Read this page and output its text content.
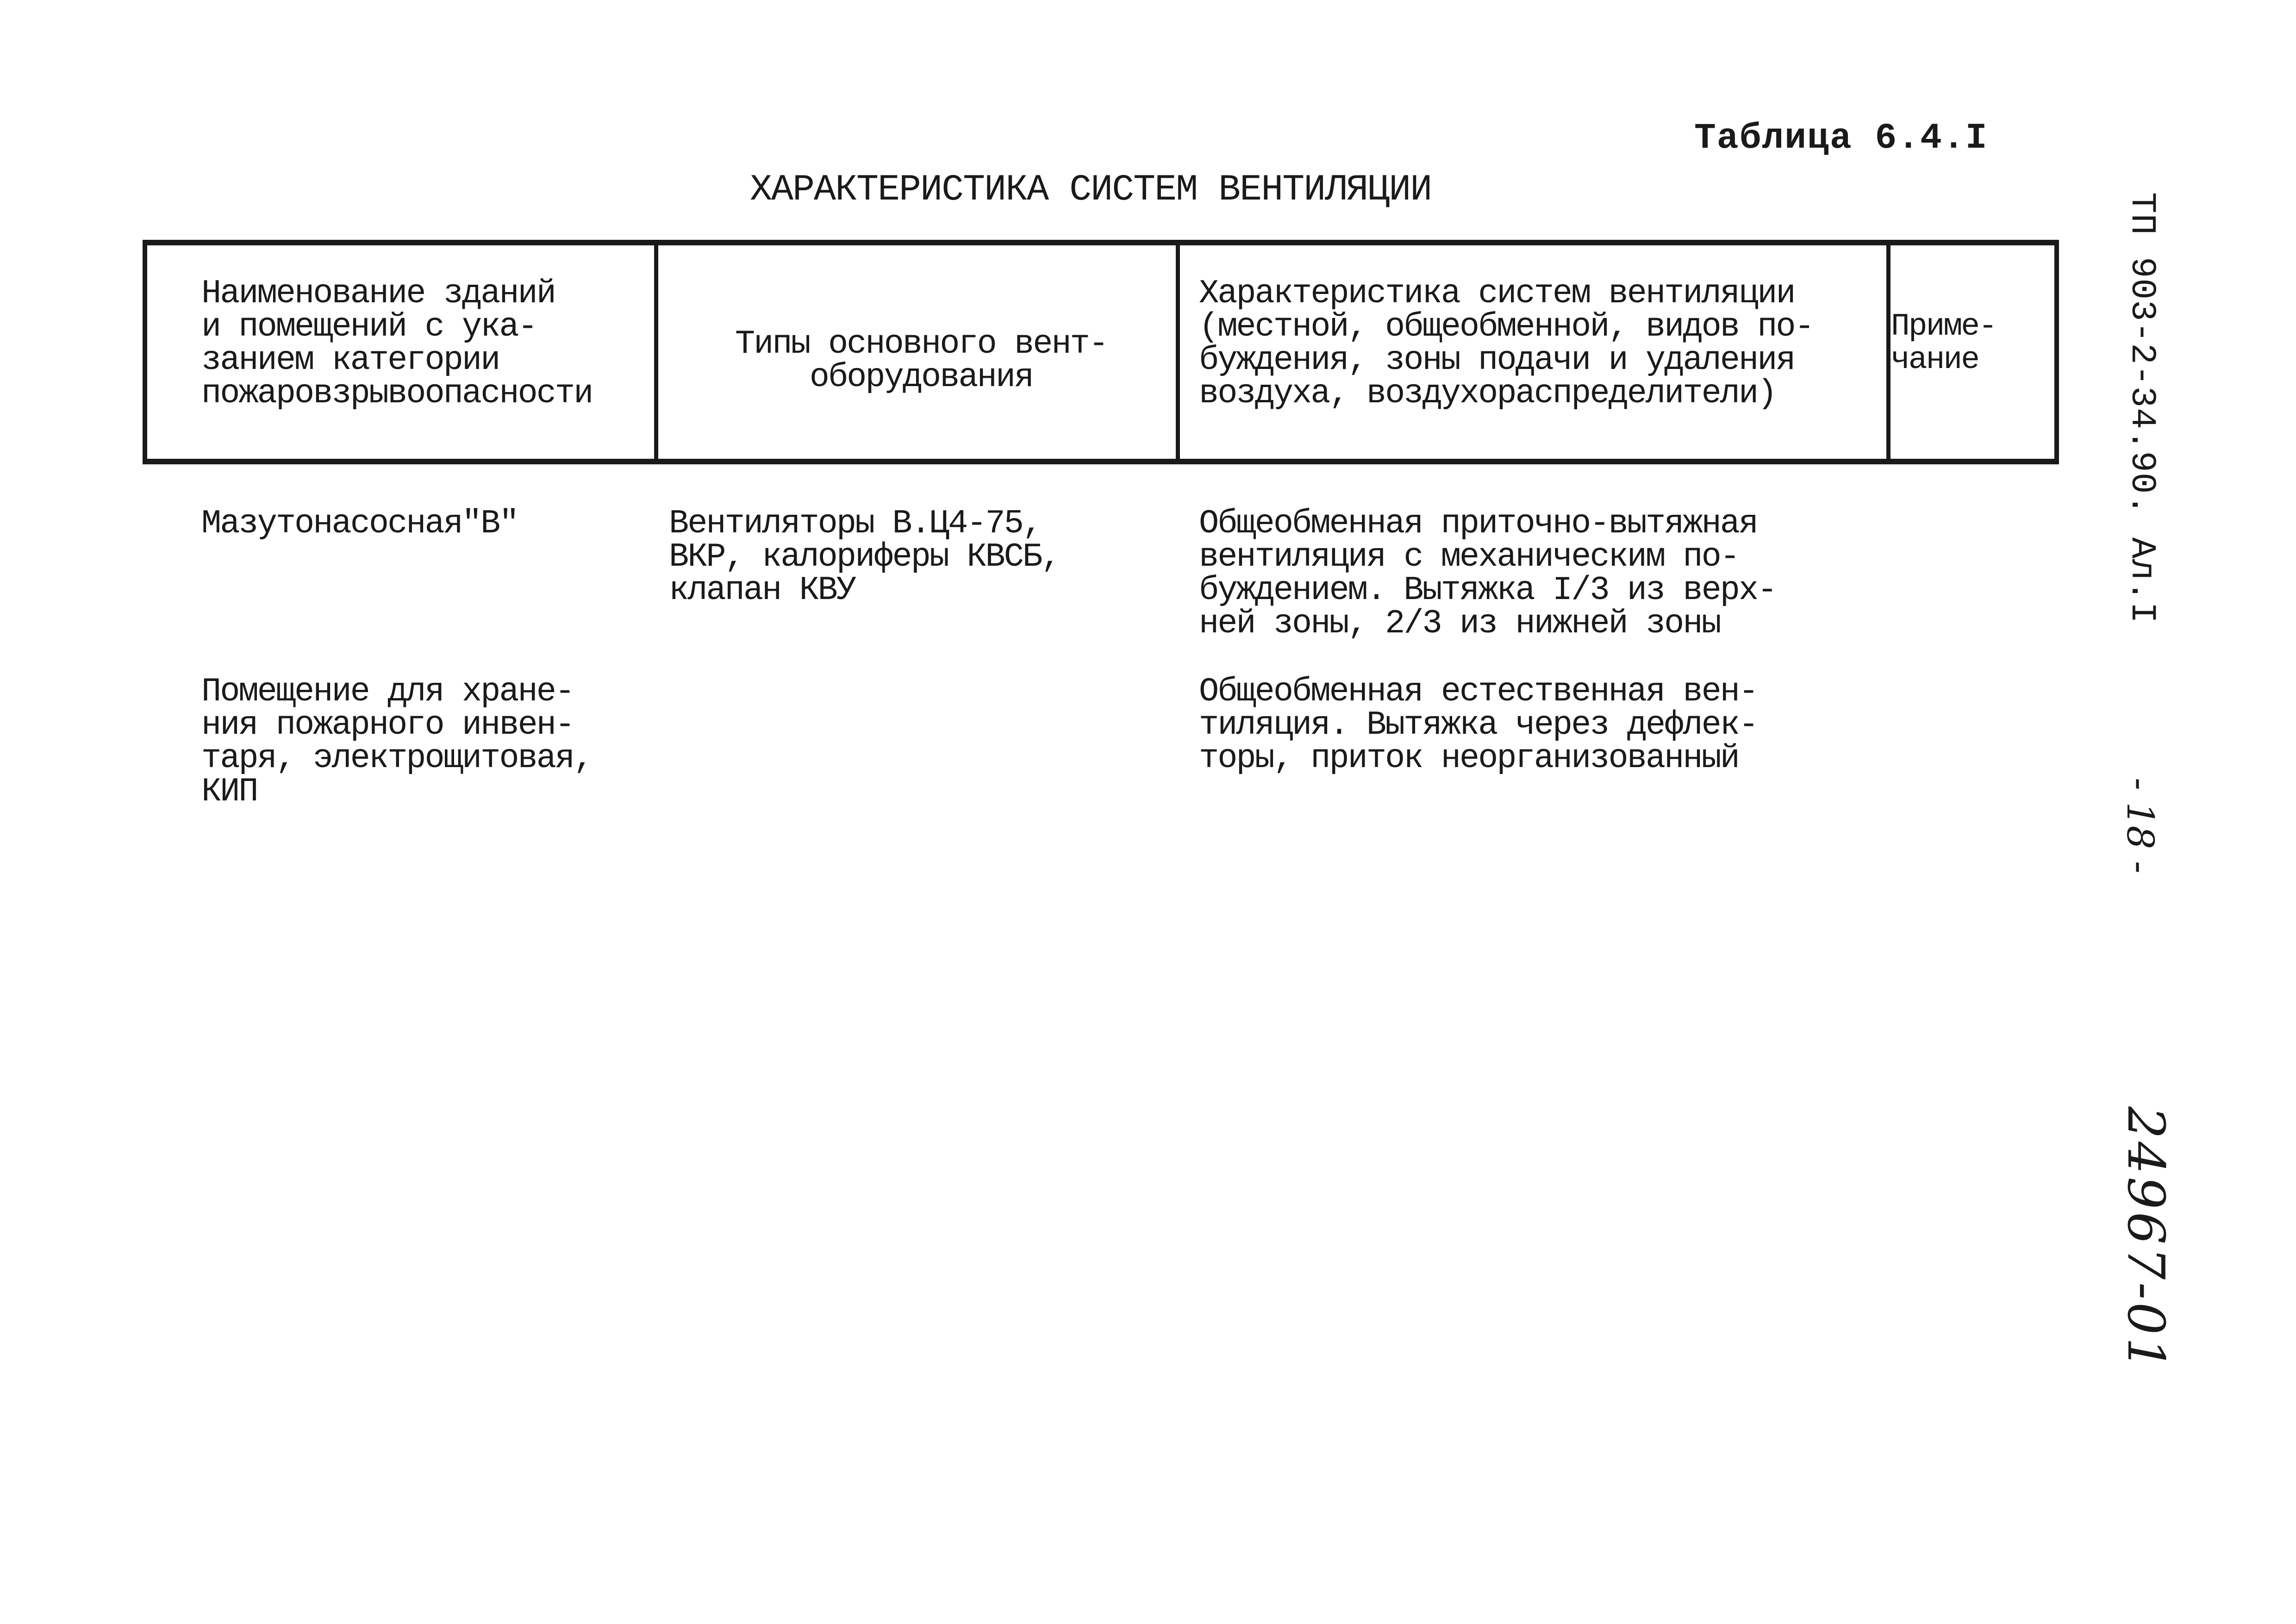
Таблица 6.4.I
ХАРАКТЕРИСТИКА СИСТЕМ ВЕНТИЛЯЦИИ
Наименование зданий
и помещений с ука-
занием категории
пожаровзрывоопасности
Типы основного вент-
оборудования
Характеристика систем вентиляции
(местной, общеобменной, видов по-
буждения, зоны подачи и удаления
воздуха, воздухораспределители)
Приме-
чание
Мазутонасосная"В"	Вентиляторы В.Ц4-75,
ВКР, калориферы КВСБ,
клапан КВУ
Общеобменная приточно-вытяжная
вентиляция с механическим по-
буждением. Вытяжка I/3 из верх-
ней зоны, 2/3 из нижней зоны
Помещение для хране-
ния пожарного инвен-
таря, электрощитовая,
КИП
Общеобменная естественная вен-
тиляция. Вытяжка через дефлек-
торы, приток неорганизованный
ТП 903-2-34.90. Ал.I
- 18 -
24967-01
